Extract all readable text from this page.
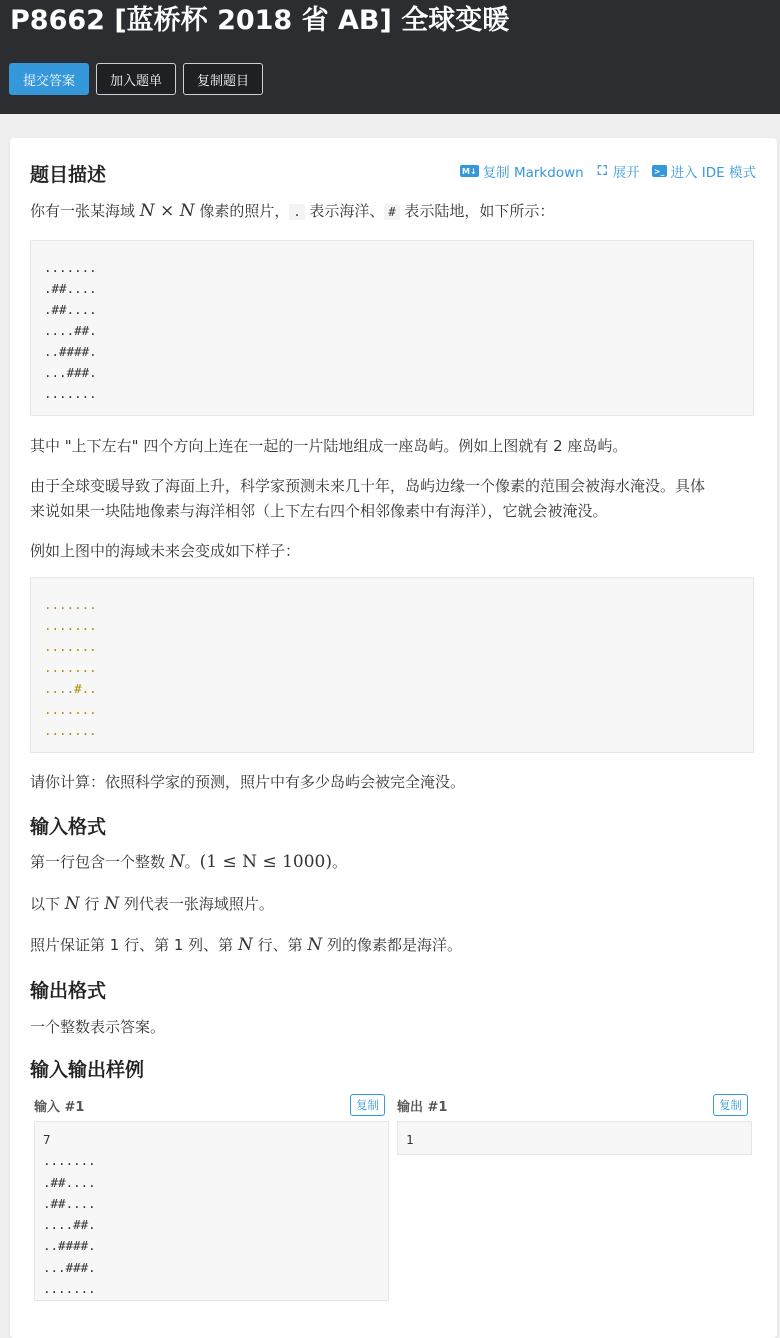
P8662 [蓝桥杯 2018 省 AB] 全球变暖
提交答案	加入题单	复制题目
题目描述	M↓ 复制 Markdown ⛶ 展开 >_ 进入 IDE 模式

你有一张某海域 N × N 像素的照片， . 表示海洋、 # 表示陆地，如下所示：

.......
.##....
.##....
....##.
..####.
...###.
.......

其中 "上下左右" 四个方向上连在一起的一片陆地组成一座岛屿。例如上图就有 2 座岛屿。

由于全球变暖导致了海面上升，科学家预测未来几十年，岛屿边缘一个像素的范围会被海水淹没。具体

来说如果一块陆地像素与海洋相邻（上下左右四个相邻像素中有海洋），它就会被淹没。

例如上图中的海域未来会变成如下样子：

.......
.......
.......
.......
....#..
.......
.......

请你计算：依照科学家的预测，照片中有多少岛屿会被完全淹没。

输入格式

第一行包含一个整数 N。(1 ≤ N ≤ 1000)。

以下 N 行 N 列代表一张海域照片。

照片保证第 1 行、第 1 列、第 N 行、第 N 列的像素都是海洋。

输出格式

一个整数表示答案。

输入输出样例
输入 #1	复制
7
.......
.##....
.##....
....##.
..####.
...###.
.......
输出 #1	复制
1
